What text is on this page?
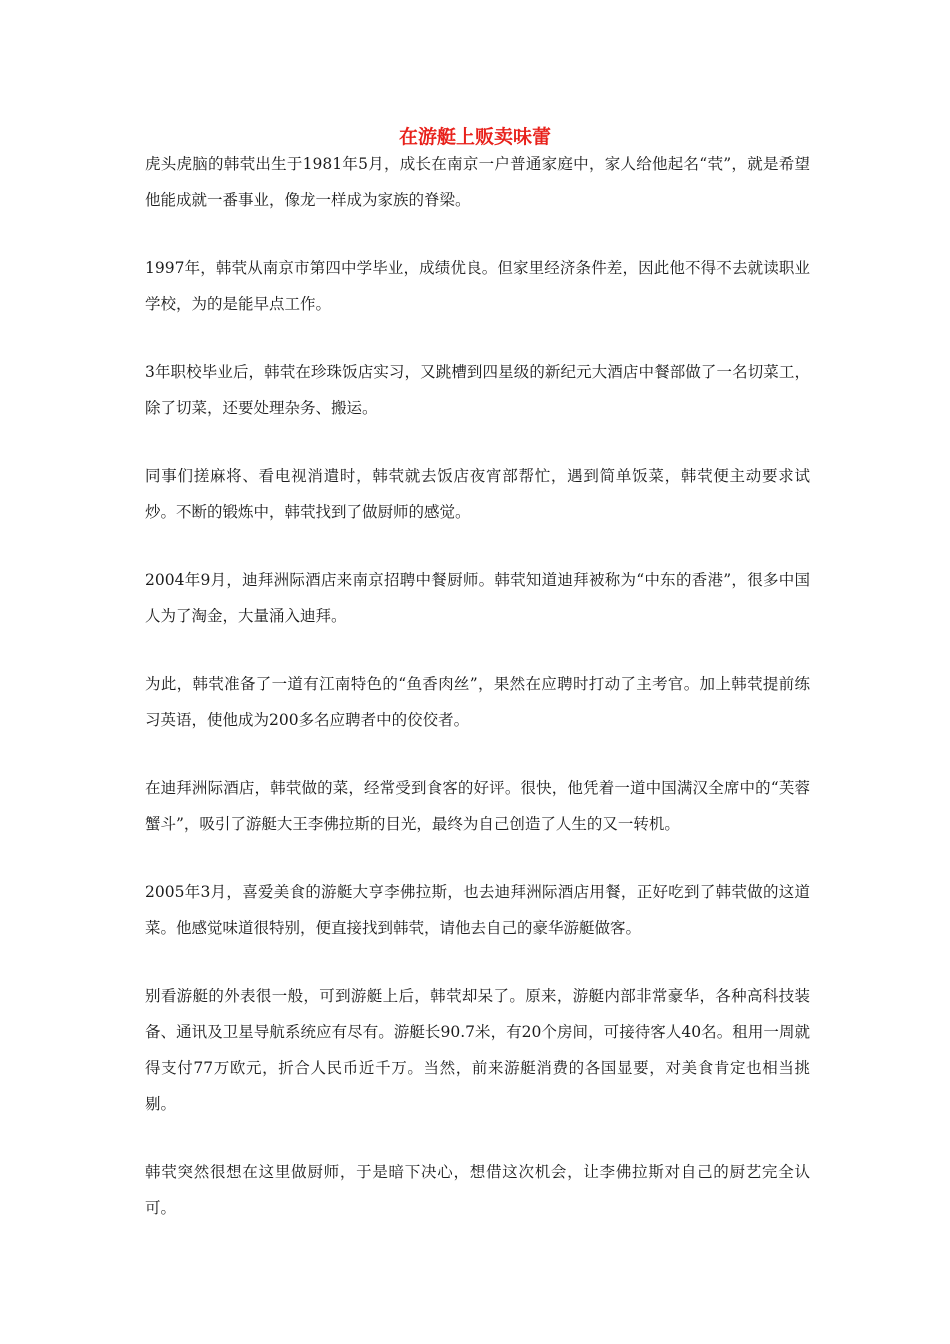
在游艇上贩卖味蕾

虎头虎脑的韩茕出生于1981年5月，成长在南京一户普通家庭中，家人给他起名“茕”，就是希望他能成就一番事业，像龙一样成为家族的脊梁。

1997年，韩茕从南京市第四中学毕业，成绩优良。但家里经济条件差，因此他不得不去就读职业学校，为的是能早点工作。

3年职校毕业后，韩茕在珍珠饭店实习，又跳槽到四星级的新纪元大酒店中餐部做了一名切菜工，除了切菜，还要处理杂务、搬运。

同事们搓麻将、看电视消遣时，韩茕就去饭店夜宵部帮忙，遇到简单饭菜，韩茕便主动要求试炒。不断的锻炼中，韩茕找到了做厨师的感觉。

2004年9月，迪拜洲际酒店来南京招聘中餐厨师。韩茕知道迪拜被称为“中东的香港”，很多中国人为了淘金，大量涌入迪拜。

为此，韩茕准备了一道有江南特色的“鱼香肉丝”，果然在应聘时打动了主考官。加上韩茕提前练习英语，使他成为200多名应聘者中的佼佼者。

在迪拜洲际酒店，韩茕做的菜，经常受到食客的好评。很快，他凭着一道中国满汉全席中的“芙蓉蟹斗”，吸引了游艇大王李佛拉斯的目光，最终为自己创造了人生的又一转机。

2005年3月，喜爱美食的游艇大亨李佛拉斯，也去迪拜洲际酒店用餐，正好吃到了韩茕做的这道菜。他感觉味道很特别，便直接找到韩茕，请他去自己的豪华游艇做客。

别看游艇的外表很一般，可到游艇上后，韩茕却呆了。原来，游艇内部非常豪华，各种高科技装备、通讯及卫星导航系统应有尽有。游艇长90.7米，有20个房间，可接待客人40名。租用一周就得支付77万欧元，折合人民币近千万。当然，前来游艇消费的各国显要，对美食肯定也相当挑剔。

韩茕突然很想在这里做厨师，于是暗下决心，想借这次机会，让李佛拉斯对自己的厨艺完全认可。
